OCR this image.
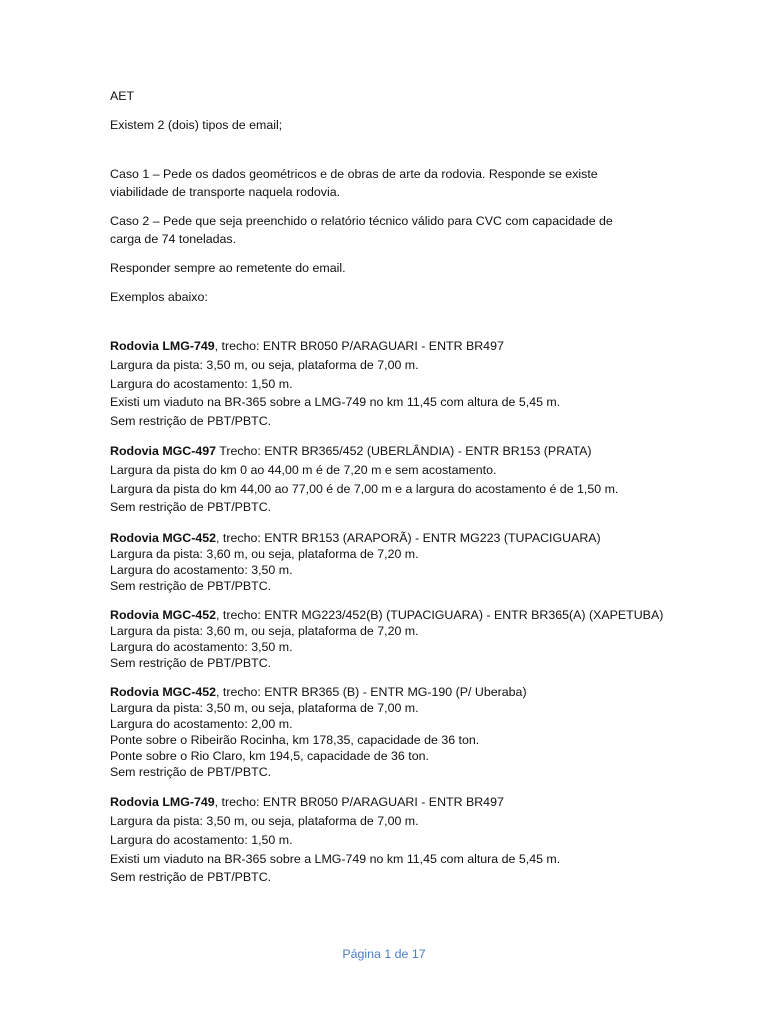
AET

Existem 2 (dois) tipos de email;

Caso 1 – Pede os dados geométricos e de obras de arte da rodovia. Responde se existe
viabilidade de transporte naquela rodovia.

Caso 2 – Pede que seja preenchido o relatório técnico válido para CVC com capacidade de
carga de 74 toneladas.

Responder sempre ao remetente do email.

Exemplos abaixo:

Rodovia LMG-749, trecho: ENTR BR050 P/ARAGUARI - ENTR BR497
Largura da pista: 3,50 m, ou seja, plataforma de 7,00 m.
Largura do acostamento: 1,50 m.
Existi um viaduto na BR-365 sobre a LMG-749 no km 11,45 com altura de 5,45 m.
Sem restrição de PBT/PBTC.
Rodovia MGC-497 Trecho: ENTR BR365/452 (UBERLÂNDIA) - ENTR BR153 (PRATA)
Largura da pista do km 0 ao 44,00 m é de 7,20 m e sem acostamento.
Largura da pista do km 44,00 ao 77,00 é de 7,00 m e a largura do acostamento é de 1,50 m.
Sem restrição de PBT/PBTC.
Rodovia MGC-452, trecho: ENTR BR153 (ARAPORÃ) - ENTR MG223 (TUPACIGUARA)
Largura da pista: 3,60 m, ou seja, plataforma de 7,20 m.
Largura do acostamento: 3,50 m.
Sem restrição de PBT/PBTC.
Rodovia MGC-452, trecho: ENTR MG223/452(B) (TUPACIGUARA) - ENTR BR365(A) (XAPETUBA)
Largura da pista: 3,60 m, ou seja, plataforma de 7,20 m.
Largura do acostamento: 3,50 m.
Sem restrição de PBT/PBTC.
Rodovia MGC-452, trecho: ENTR BR365 (B) - ENTR MG-190 (P/ Uberaba)
Largura da pista: 3,50 m, ou seja, plataforma de 7,00 m.
Largura do acostamento: 2,00 m.
Ponte sobre o Ribeirão Rocinha, km 178,35, capacidade de 36 ton.
Ponte sobre o Rio Claro, km 194,5, capacidade de 36 ton.
Sem restrição de PBT/PBTC.
Rodovia LMG-749, trecho: ENTR BR050 P/ARAGUARI - ENTR BR497
Largura da pista: 3,50 m, ou seja, plataforma de 7,00 m.
Largura do acostamento: 1,50 m.
Existi um viaduto na BR-365 sobre a LMG-749 no km 11,45 com altura de 5,45 m.
Sem restrição de PBT/PBTC.
Página 1 de 17
